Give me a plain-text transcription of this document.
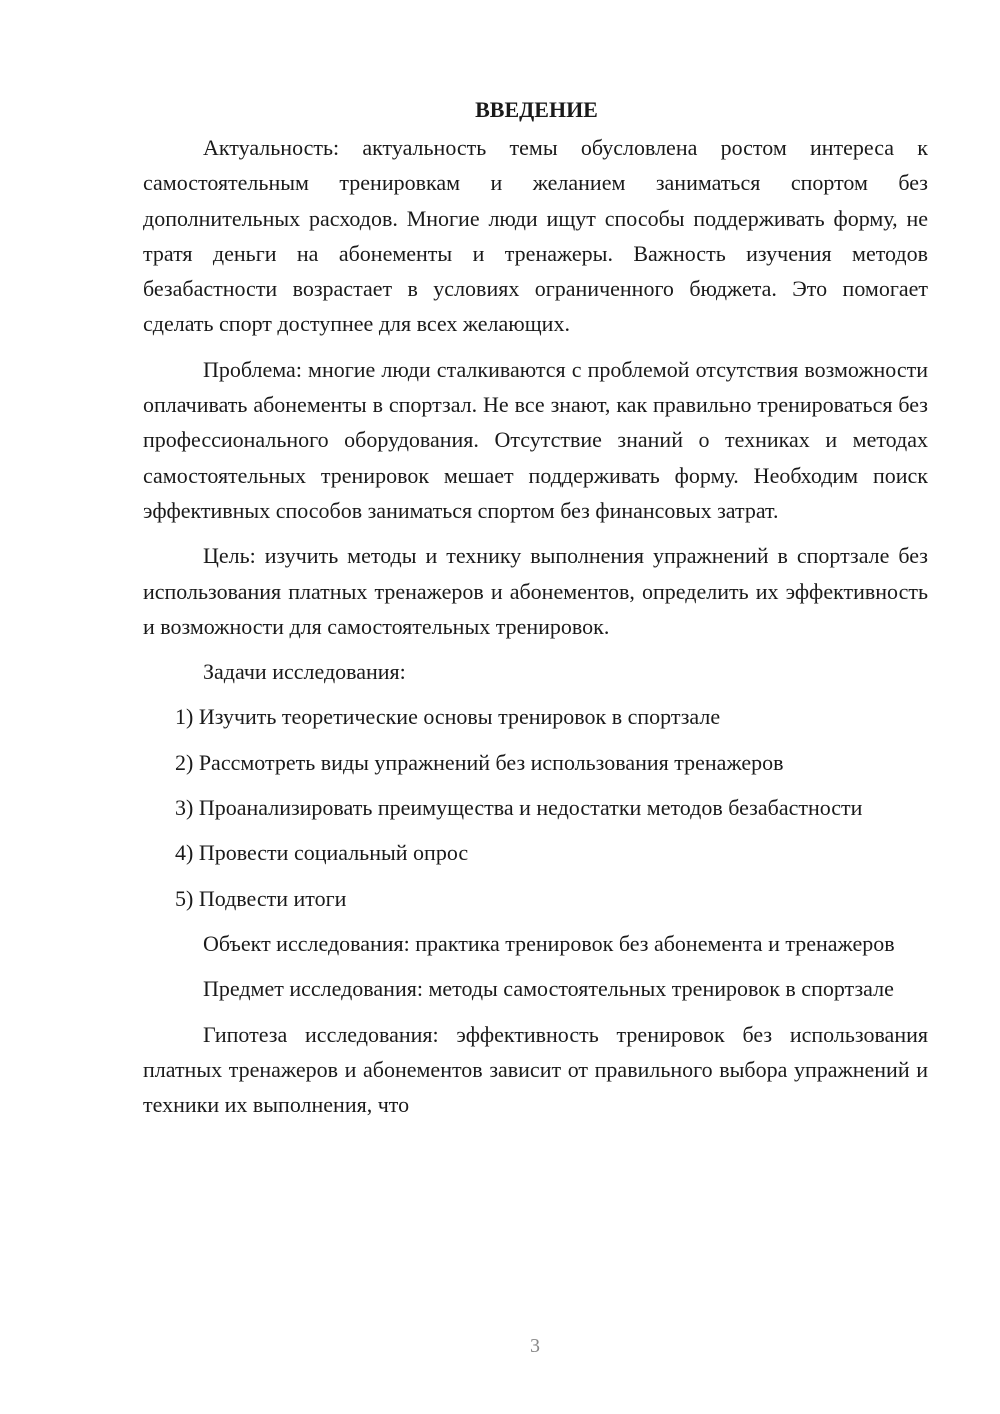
ВВЕДЕНИЕ

Актуальность: актуальность темы обусловлена ростом интереса к самостоятельным тренировкам и желанием заниматься спортом без дополнительных расходов. Многие люди ищут способы поддерживать форму, не тратя деньги на абонементы и тренажеры. Важность изучения методов безабастности возрастает в условиях ограниченного бюджета. Это помогает сделать спорт доступнее для всех желающих.

Проблема: многие люди сталкиваются с проблемой отсутствия возможности оплачивать абонементы в спортзал. Не все знают, как правильно тренироваться без профессионального оборудования. Отсутствие знаний о техниках и методах самостоятельных тренировок мешает поддерживать форму. Необходим поиск эффективных способов заниматься спортом без финансовых затрат.

Цель: изучить методы и технику выполнения упражнений в спортзале без использования платных тренажеров и абонементов, определить их эффективность и возможности для самостоятельных тренировок.

Задачи исследования:

1) Изучить теоретические основы тренировок в спортзале

2) Рассмотреть виды упражнений без использования тренажеров

3) Проанализировать преимущества и недостатки методов безабастности

4) Провести социальный опрос

5) Подвести итоги

Объект исследования: практика тренировок без абонемента и тренажеров

Предмет исследования: методы самостоятельных тренировок в спортзале

Гипотеза исследования: эффективность тренировок без использования платных тренажеров и абонементов зависит от правильного выбора упражнений и техники их выполнения, что

3
